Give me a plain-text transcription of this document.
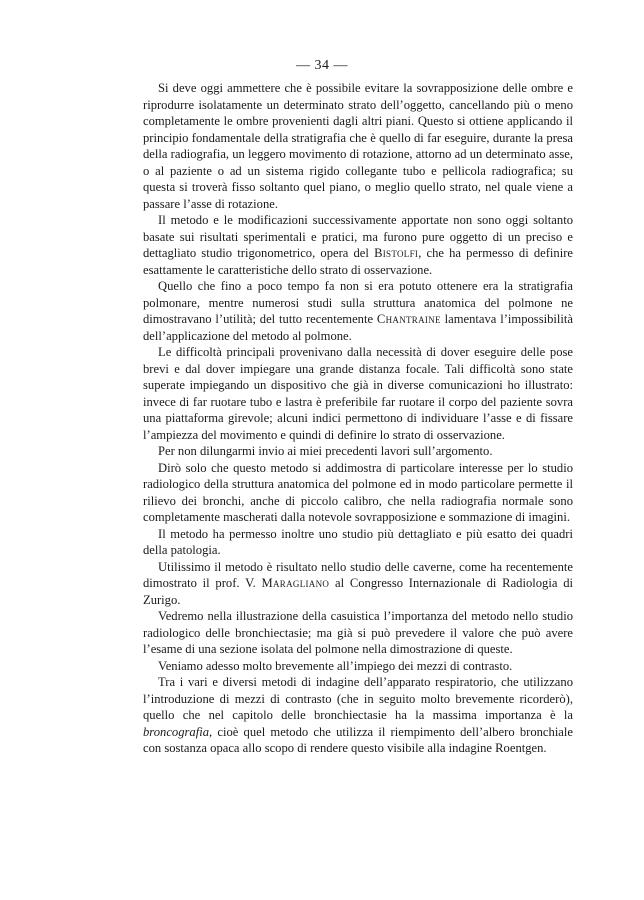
— 34 —

Si deve oggi ammettere che è possibile evitare la sovrapposizione delle ombre e riprodurre isolatamente un determinato strato dell’oggetto, cancellando più o meno completamente le ombre provenienti dagli altri piani. Questo si ottiene applicando il principio fondamentale della stratigrafia che è quello di far eseguire, durante la presa della radiografia, un leggero movimento di rotazione, attorno ad un determinato asse, o al paziente o ad un sistema rigido collegante tubo e pellicola radiografica; su questa si troverà fisso soltanto quel piano, o meglio quello strato, nel quale viene a passare l’asse di rotazione.

Il metodo e le modificazioni successivamente apportate non sono oggi soltanto basate sui risultati sperimentali e pratici, ma furono pure oggetto di un preciso e dettagliato studio trigonometrico, opera del Bistolfi, che ha permesso di definire esattamente le caratteristiche dello strato di osservazione.

Quello che fino a poco tempo fa non si era potuto ottenere era la stratigrafia polmonare, mentre numerosi studi sulla struttura anatomica del polmone ne dimostravano l’utilità; del tutto recentemente Chantraine lamentava l’impossibilità dell’applicazione del metodo al polmone.

Le difficoltà principali provenivano dalla necessità di dover eseguire delle pose brevi e dal dover impiegare una grande distanza focale. Tali difficoltà sono state superate impiegando un dispositivo che già in diverse comunicazioni ho illustrato: invece di far ruotare tubo e lastra è preferibile far ruotare il corpo del paziente sovra una piattaforma girevole; alcuni indici permettono di individuare l’asse e di fissare l’ampiezza del movimento e quindi di definire lo strato di osservazione.

Per non dilungarmi invio ai miei precedenti lavori sull’argomento.

Dirò solo che questo metodo si addimostra di particolare interesse per lo studio radiologico della struttura anatomica del polmone ed in modo particolare permette il rilievo dei bronchi, anche di piccolo calibro, che nella radiografia normale sono completamente mascherati dalla notevole sovrapposizione e sommazione di imagini.

Il metodo ha permesso inoltre uno studio più dettagliato e più esatto dei quadri della patologia.

Utilissimo il metodo è risultato nello studio delle caverne, come ha recentemente dimostrato il prof. V. Maragliano al Congresso Internazionale di Radiologia di Zurigo.

Vedremo nella illustrazione della casuistica l’importanza del metodo nello studio radiologico delle bronchiectasie; ma già si può prevedere il valore che può avere l’esame di una sezione isolata del polmone nella dimostrazione di queste.

Veniamo adesso molto brevemente all’impiego dei mezzi di contrasto.

Tra i vari e diversi metodi di indagine dell’apparato respiratorio, che utilizzano l’introduzione di mezzi di contrasto (che in seguito molto brevemente ricorderò), quello che nel capitolo delle bronchiectasie ha la massima importanza è la broncografia, cioè quel metodo che utilizza il riempimento dell’albero bronchiale con sostanza opaca allo scopo di rendere questo visibile alla indagine Roentgen.
